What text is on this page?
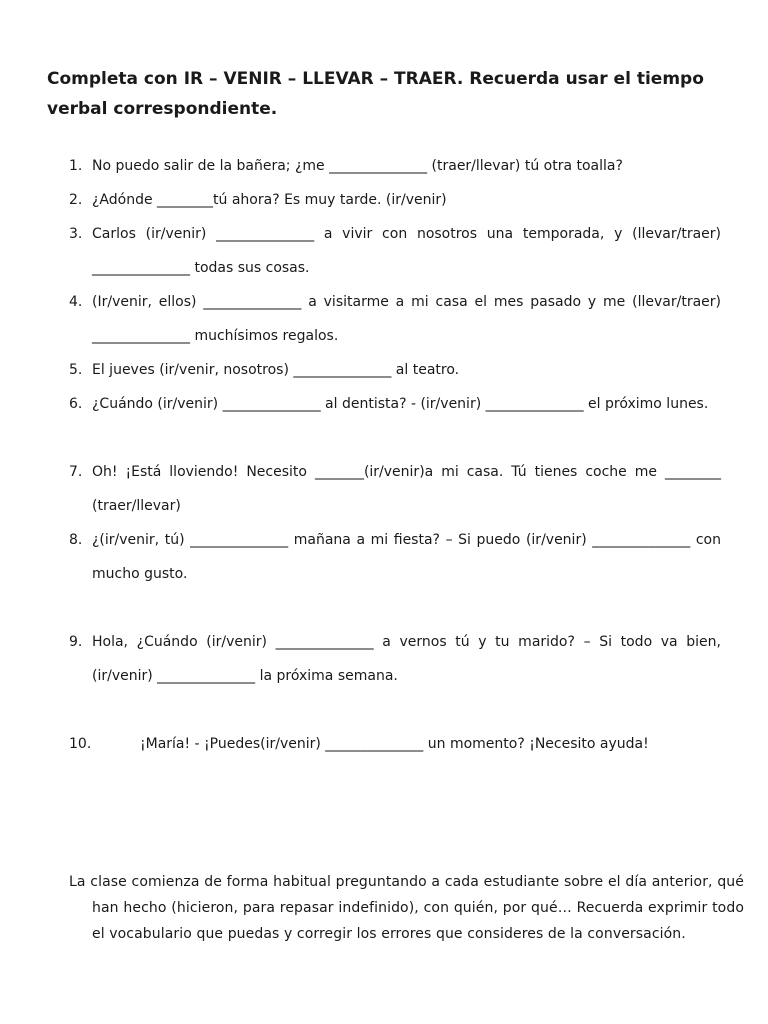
Completa con IR – VENIR – LLEVAR – TRAER. Recuerda usar el tiempo verbal correspondiente.

1. No puedo salir de la bañera; ¿me ______________ (traer/llevar) tú otra toalla?

2. ¿Adónde ________tú ahora? Es muy tarde. (ir/venir)

3. Carlos (ir/venir) ______________ a vivir con nosotros una temporada, y (llevar/traer) ______________ todas sus cosas.

4. (Ir/venir, ellos) ______________ a visitarme a mi casa el mes pasado y me (llevar/traer) ______________ muchísimos regalos.

5. El jueves (ir/venir, nosotros) ______________ al teatro.

6. ¿Cuándo (ir/venir) ______________ al dentista? - (ir/venir) ______________ el próximo lunes.

7. Oh! ¡Está lloviendo! Necesito _______(ir/venir)a mi casa. Tú tienes coche me ________ (traer/llevar)

8. ¿(ir/venir, tú) ______________ mañana a mi fiesta? – Si puedo (ir/venir) ______________ con mucho gusto.

9. Hola, ¿Cuándo (ir/venir) ______________ a vernos tú y tu marido? – Si todo va bien, (ir/venir) ______________ la próxima semana.

10.	¡María! - ¡Puedes(ir/venir) ______________ un momento? ¡Necesito ayuda!

La clase comienza de forma habitual preguntando a cada estudiante sobre el día anterior, qué han hecho (hicieron, para repasar indefinido), con quién, por qué… Recuerda exprimir todo el vocabulario que puedas y corregir los errores que consideres de la conversación.
